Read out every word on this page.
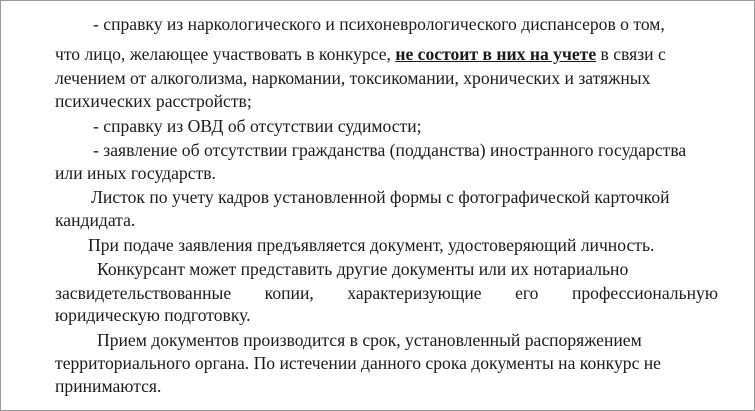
- справку из наркологического и психоневрологического диспансеров о том,
что лицо, желающее участвовать в конкурсе, не состоит в них на учете в связи с
лечением от алкоголизма, наркомании, токсикомании, хронических и затяжных
психических расстройств;
- справку из ОВД об отсутствии судимости;
- заявление об отсутствии гражданства (подданства) иностранного государства
или иных государств.
Листок по учету кадров установленной формы с фотографической карточкой
кандидата.
При подаче заявления предъявляется документ, удостоверяющий личность.
Конкурсант может представить другие документы или их нотариально
засвидетельствованные копии, характеризующие его профессиональную
юридическую подготовку.
Прием документов производится в срок, установленный распоряжением
территориального органа. По истечении данного срока документы на конкурс не
принимаются.
